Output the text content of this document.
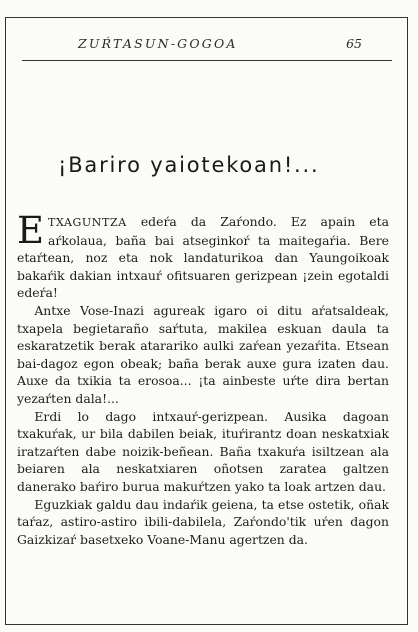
ZUŔTASUN-GOGOA	65
¡Bariro yaiotekoan!...

ETXAGUNTZA edeŕa da Zaŕondo. Ez apain eta aŕkolaua, baña bai atseginkoŕ ta maitegaŕia. Bere etaŕtean, noz eta nok landaturikoa dan Yaungoikoak bakaŕik dakian intxauŕ ofitsuaren gerizpean ¡zein egotaldi edeŕa!

Antxe Vose-Inazi agureak igaro oi ditu aŕatsaldeak, txapela begietaraño saŕtuta, makilea eskuan daula ta eskaratzetik berak atarariko aulki zaŕean yezaŕita. Etsean bai-dagoz egon obeak; baña berak auxe gura izaten dau. Auxe da txikia ta erosoa... ¡ta ainbeste uŕte dira bertan yezaŕten dala!...

Erdi lo dago intxauŕ-gerizpean. Ausika dagoan txakuŕak, ur bila dabilen beiak, ituŕirantz doan neskatxiak iratzaŕten dabe noizik-beñean. Baña txakuŕa isiltzean ala beiaren ala neskatxiaren oñotsen zaratea galtzen danerako baŕiro burua makuŕtzen yako ta loak artzen dau.

Eguzkiak galdu dau indaŕik geiena, ta etse ostetik, oñak taŕaz, astiro-astiro ibili-dabilela, Zaŕondo'tik uŕen dagon Gaizkizaŕ basetxeko Voane-Manu agertzen da.
